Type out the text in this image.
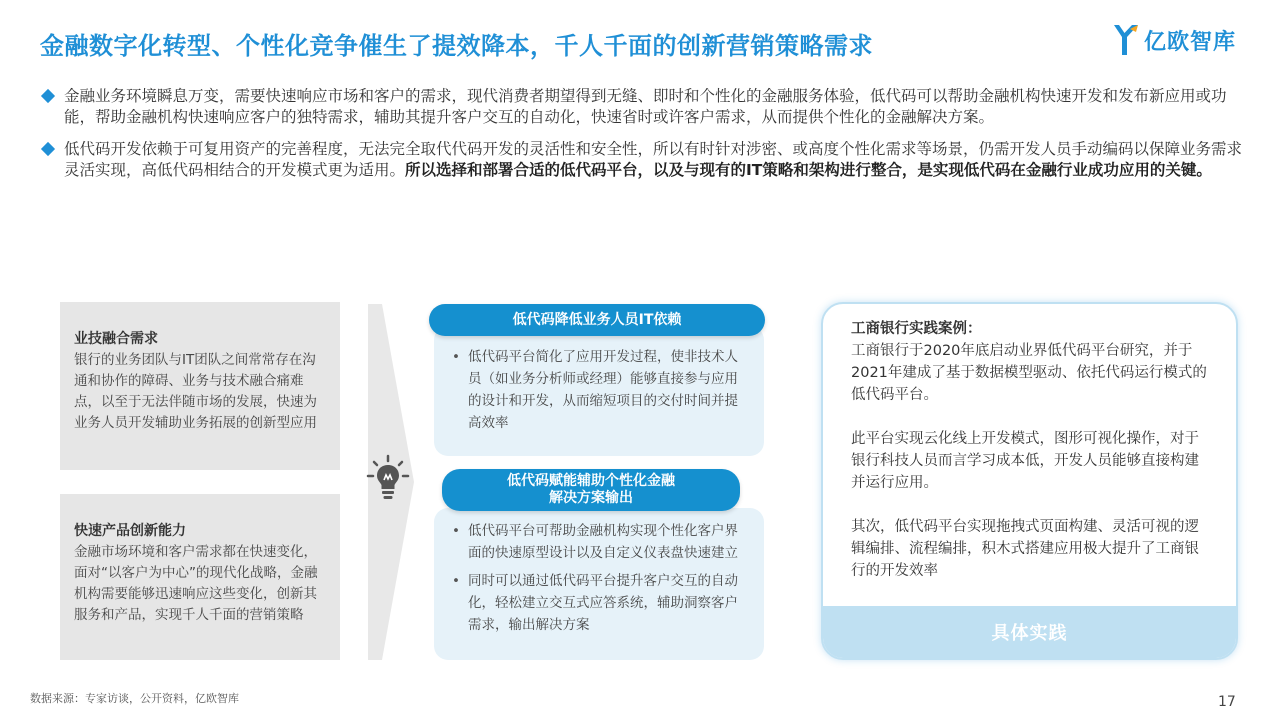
金融数字化转型、个性化竞争催生了提效降本，千人千面的创新营销策略需求	亿欧智库
金融业务环境瞬息万变，需要快速响应市场和客户的需求，现代消费者期望得到无缝、即时和个性化的金融服务体验，低代码可以帮助金融机构快速开发和发布新应用或功能，帮助金融机构快速响应客户的独特需求，辅助其提升客户交互的自动化，快速省时或许客户需求，从而提供个性化的金融解决方案。
低代码开发依赖于可复用资产的完善程度，无法完全取代代码开发的灵活性和安全性，所以有时针对涉密、或高度个性化需求等场景，仍需开发人员手动编码以保障业务需求灵活实现，高低代码相结合的开发模式更为适用。所以选择和部署合适的低代码平台，以及与现有的IT策略和架构进行整合，是实现低代码在金融行业成功应用的关键。
业技融合需求
银行的业务团队与IT团队之间常常存在沟通和协作的障碍、业务与技术融合痛难点，以至于无法伴随市场的发展，快速为业务人员开发辅助业务拓展的创新型应用
快速产品创新能力
金融市场环境和客户需求都在快速变化，面对“以客户为中心”的现代化战略，金融机构需要能够迅速响应这些变化，创新其服务和产品，实现千人千面的营销策略
• 低代码平台简化了应用开发过程，使非技术人员（如业务分析师或经理）能够直接参与应用的设计和开发，从而缩短项目的交付时间并提高效率
低代码降低业务人员IT依赖
• 低代码平台可帮助金融机构实现个性化客户界面的快速原型设计以及自定义仪表盘快速建立
• 同时可以通过低代码平台提升客户交互的自动化，轻松建立交互式应答系统，辅助洞察客户需求，输出解决方案
低代码赋能辅助个性化金融
解决方案输出
工商银行实践案例：
工商银行于2020年底启动业界低代码平台研究，并于2021年建成了基于数据模型驱动、依托代码运行模式的低代码平台。
此平台实现云化线上开发模式，图形可视化操作，对于银行科技人员而言学习成本低，开发人员能够直接构建并运行应用。
其次，低代码平台实现拖拽式页面构建、灵活可视的逻辑编排、流程编排，积木式搭建应用极大提升了工商银行的开发效率
具体实践
数据来源：专家访谈，公开资料，亿欧智库	17
